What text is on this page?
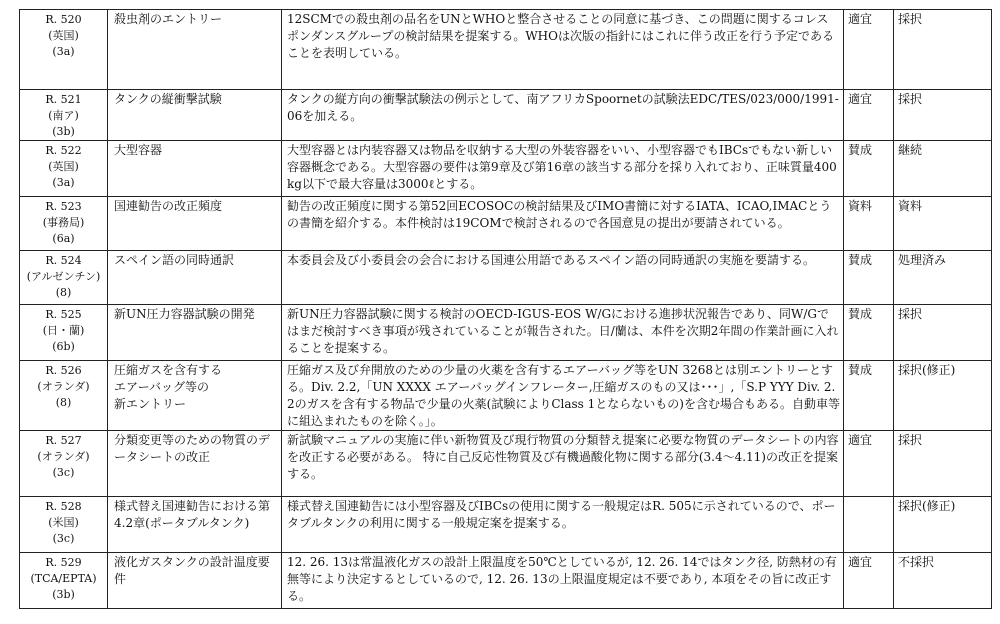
R. 520
(英国)
(3a)	殺虫剤のエントリー	12SCMでの殺虫剤の品名をUNとWHOと整合させることの同意に基づき、この問題に関するコレスポンダンスグループの検討結果を提案する。WHOは次版の指針にはこれに伴う改正を行う予定であることを表明している。	適宜	採択
R. 521
(南ア)
(3b)	タンクの縦衝撃試験	タンクの縦方向の衝撃試験法の例示として、南アフリカSpoornetの試験法EDC/TES/023/000/1991-06を加える。	適宜	採択
R. 522
(英国)
(3a)	大型容器	大型容器とは内装容器又は物品を収納する大型の外装容器をいい、小型容器でもIBCsでもない新しい容器概念である。大型容器の要件は第9章及び第16章の該当する部分を採り入れており、正味質量400kg以下で最大容量は3000ℓとする。	賛成	継続
R. 523
(事務局)
(6a)	国連勧告の改正頻度	勧告の改正頻度に関する第52回ECOSOCの検討結果及びIMO書簡に対するIATA、ICAO,IMACとうの書簡を紹介する。本件検討は19COMで検討されるので各国意見の提出が要請されている。	資料	資料
R. 524
(アルゼンチン)
(8)	スペイン語の同時通訳	本委員会及び小委員会の会合における国連公用語であるスペイン語の同時通訳の実施を要請する。	賛成	処理済み
R. 525
(日・蘭)
(6b)	新UN圧力容器試験の開発	新UN圧力容器試験に関する検討のOECD-IGUS-EOS W/Gにおける進捗状況報告であり、同W/Gではまだ検討すべき事項が残されていることが報告された。日/蘭は、本件を次期2年間の作業計画に入れることを提案する。	賛成	採択
R. 526
(オランダ)
(8)	圧縮ガスを含有する
エアーバッグ等の
新エントリー	圧縮ガス及び弁開放のための少量の火薬を含有するエアーバッグ等をUN 3268とは別エントリーとする。Div. 2.2,「UN XXXX エアーバッグインフレーター,圧縮ガスのもの又は･･･」,「S.P YYY Div. 2.2のガスを含有する物品で少量の火薬(試験によりClass 1とならないもの)を含む場合もある。自動車等に組込まれたものを除く。」。	賛成	採択(修正)
R. 527
(オランダ)
(3c)	分類変更等のための物質のデータシートの改正	新試験マニュアルの実施に伴い新物質及び現行物質の分類替え提案に必要な物質のデータシートの内容を改正する必要がある。 特に自己反応性物質及び有機過酸化物に関する部分(3.4～4.11)の改正を提案する。	適宜	採択
R. 528
(米国)
(3c)	様式替え国連勧告における第4.2章(ポータブルタンク)	様式替え国連勧告には小型容器及びIBCsの使用に関する一般規定はR. 505に示されているので、ポータブルタンクの利用に関する一般規定案を提案する。		採択(修正)
R. 529
(TCA/EPTA)
(3b)	液化ガスタンクの設計温度要件	12. 26. 13は常温液化ガスの設計上限温度を50℃としているが, 12. 26. 14ではタンク径, 防熱材の有無等により決定するとしているので, 12. 26. 13の上限温度規定は不要であり, 本項をその旨に改正する。	適宜	不採択
